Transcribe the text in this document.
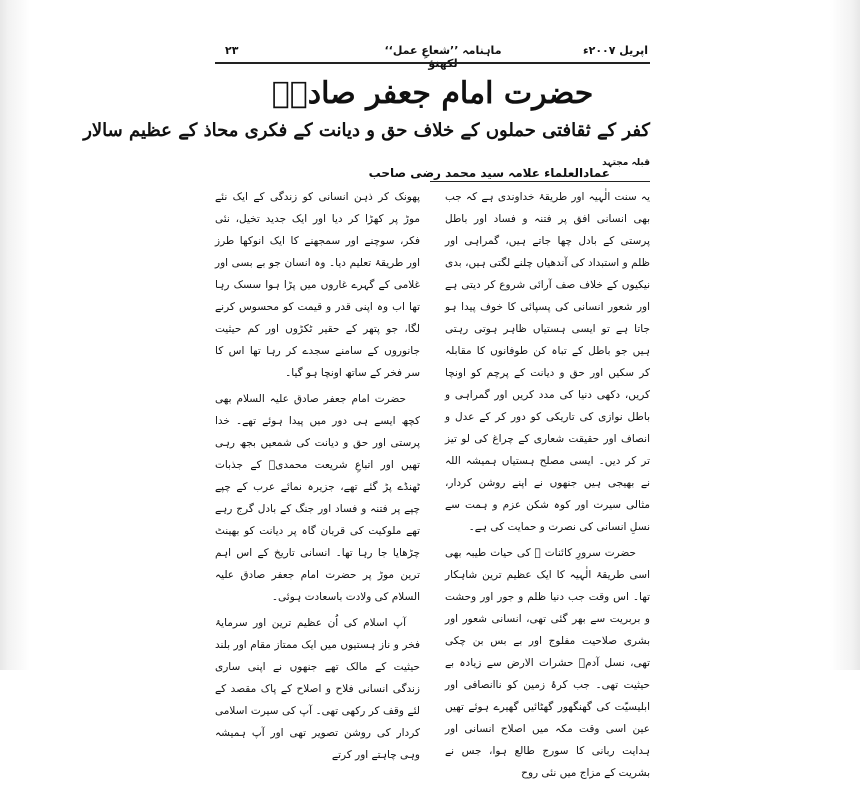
اپریل ۲۰۰۷ء
ماہنامہ ’’شعاعِ عمل‘‘
۲۳
حضرت امام جعفر صادقؑ
کفر کے ثقافتی حملوں کے خلاف حق و دیانت کے فکری محاذ کے عظیم سالار
عمادالعلماء علامہ سید محمد رضی صاحب
قبلہ مجتہد

یہ سنت الٰہیہ اور طریقۂ خداوندی ہے کہ جب بھی انسانی افق پر فتنہ و فساد اور باطل پرستی کے بادل چھا جاتے ہیں، گمراہی اور ظلم و استبداد کی آندھیاں چلنے لگتی ہیں، بدی نیکیوں کے خلاف صف آرائی شروع کر دیتی ہے اور شعور انسانی کی پسپائی کا خوف پیدا ہو جاتا ہے تو ایسی ہستیاں ظاہر ہوتی رہتی ہیں جو باطل کے تباہ کن طوفانوں کا مقابلہ کر سکیں اور حق و دیانت کے پرچم کو اونچا کریں، دکھی دنیا کی مدد کریں اور گمراہی و باطل نوازی کی تاریکی کو دور کر کے عدل و انصاف اور حقیقت شعاری کے چراغ کی لو تیز تر کر دیں۔ ایسی مصلح ہستیاں ہمیشہ اللہ نے بھیجی ہیں جنھوں نے اپنے روشن کردار، مثالی سیرت اور کوہ شکن عزم و ہمت سے نسلِ انسانی کی نصرت و حمایت کی ہے۔

حضرت سرورِ کائنات ﷺ کی حیات طیبہ بھی اسی طریقۂ الٰہیہ کا ایک عظیم ترین شاہکار تھا۔ اس وقت جب دنیا ظلم و جور اور وحشت و بربریت سے بھر گئی تھی، انسانی شعور اور بشری صلاحیت مفلوج اور بے بس بن چکی تھی، نسل آدمؑ حشرات الارض سے زیادہ بے حیثیت تھی۔ جب کرۂ زمین کو ناانصافی اور ابلیسیّت کی گھنگھور گھٹائیں گھیرے ہوئے تھیں عین اسی وقت مکہ میں اصلاح انسانی اور ہدایت ربانی کا سورج طالع ہوا، جس نے بشریت کے مزاج میں نئی روح

پھونک کر ذہن انسانی کو زندگی کے ایک نئے موڑ پر کھڑا کر دیا اور ایک جدید تخیل، نئی فکر، سوچنے اور سمجھنے کا ایک انوکھا طرز اور طریقۂ تعلیم دیا۔ وہ انسان جو بے بسی اور غلامی کے گہرے غاروں میں پڑا ہوا سسک رہا تھا اب وہ اپنی قدر و قیمت کو محسوس کرنے لگا، جو پتھر کے حقیر ٹکڑوں اور کم حیثیت جانوروں کے سامنے سجدے کر رہا تھا اس کا سر فخر کے ساتھ اونچا ہو گیا۔

حضرت امام جعفر صادق علیہ السلام بھی کچھ ایسے ہی دور میں پیدا ہوئے تھے۔ خدا پرستی اور حق و دیانت کی شمعیں بجھ رہی تھیں اور اتباعِ شریعت محمدیؐ کے جذبات ٹھنڈے پڑ گئے تھے، جزیرہ نمائے عرب کے چپے چپے پر فتنہ و فساد اور جنگ کے بادل گرج رہے تھے ملوکیت کی قربان گاہ پر دیانت کو بھینٹ چڑھایا جا رہا تھا۔ انسانی تاریخ کے اس اہم ترین موڑ پر حضرت امام جعفر صادق علیہ السلام کی ولادت باسعادت ہوئی۔

آپ اسلام کی اُن عظیم ترین اور سرمایۂ فخر و ناز ہستیوں میں ایک ممتاز مقام اور بلند حیثیت کے مالک تھے جنھوں نے اپنی ساری زندگی انسانی فلاح و اصلاح کے پاک مقصد کے لئے وقف کر رکھی تھی۔ آپ کی سیرت اسلامی کردار کی روشن تصویر تھی اور آپ ہمیشہ وہی چاہتے اور کرتے
